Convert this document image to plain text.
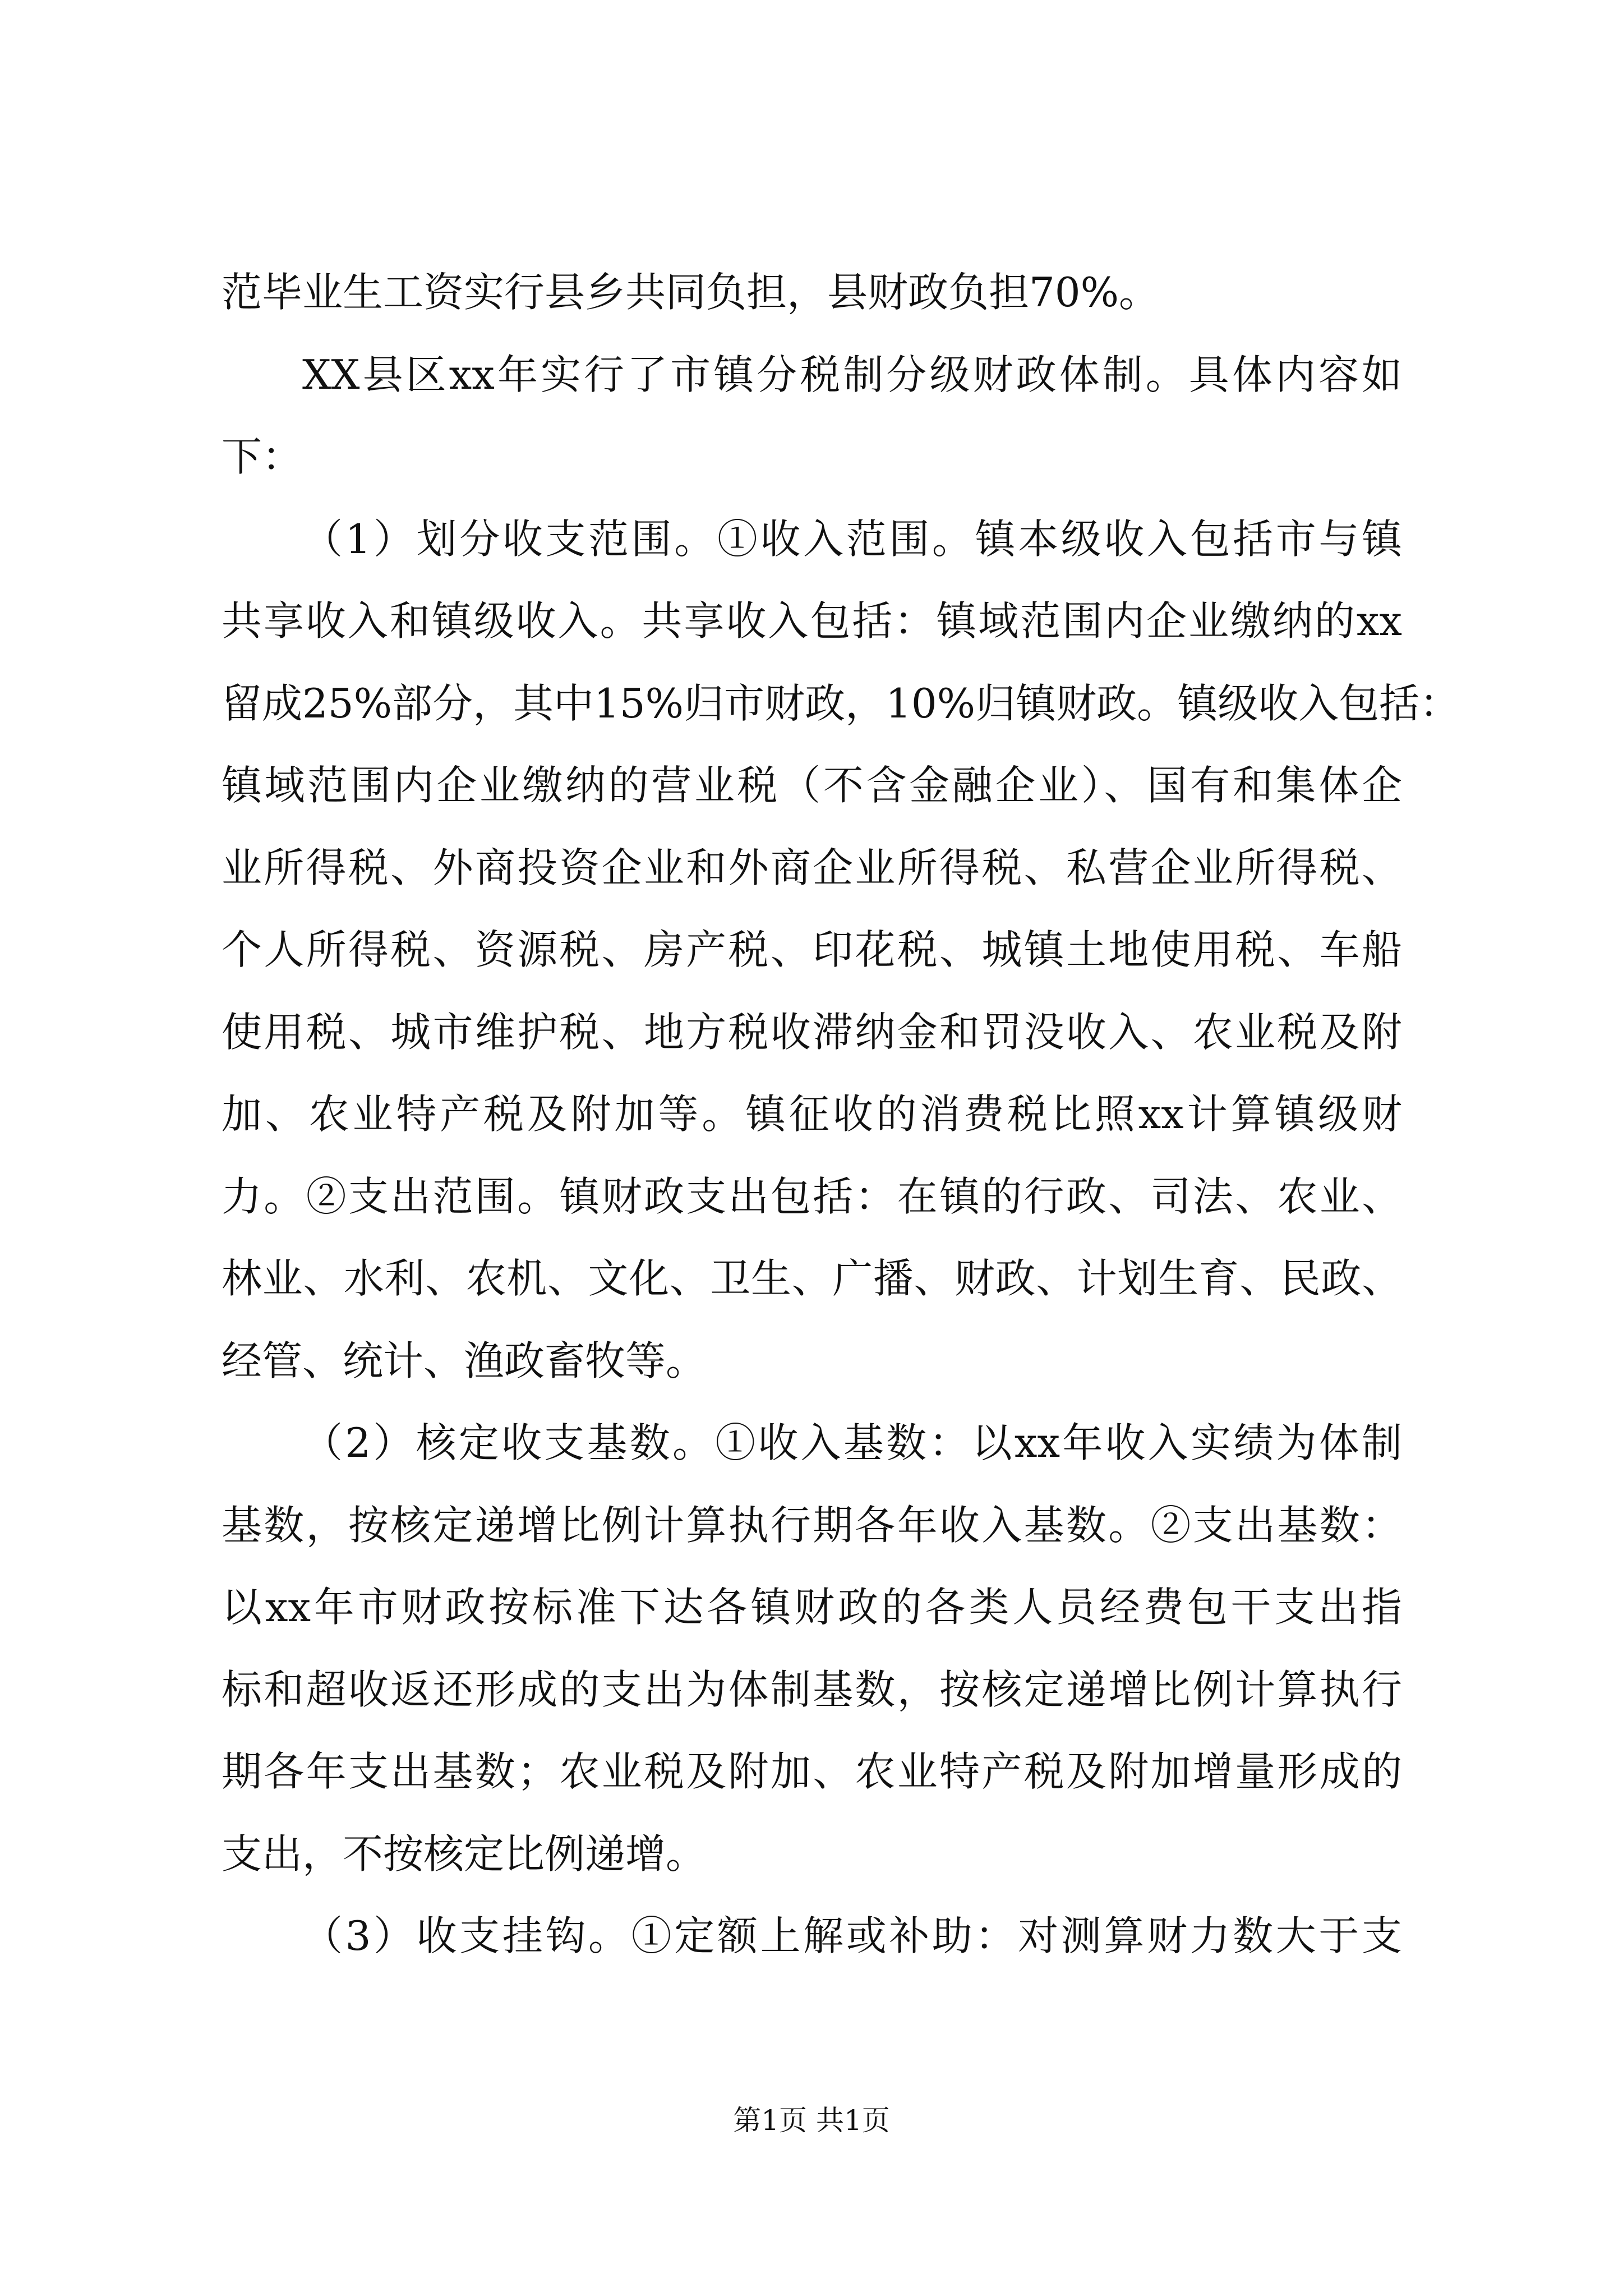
范毕业生工资实行县乡共同负担，县财政负担70%。
XX县区xx年实行了市镇分税制分级财政体制。具体内容如
下：
（1）划分收支范围。①收入范围。镇本级收入包括市与镇
共享收入和镇级收入。共享收入包括：镇域范围内企业缴纳的xx
留成25%部分，其中15%归市财政，10%归镇财政。镇级收入包括：
镇域范围内企业缴纳的营业税（不含金融企业）、国有和集体企
业所得税、外商投资企业和外商企业所得税、私营企业所得税、
个人所得税、资源税、房产税、印花税、城镇土地使用税、车船
使用税、城市维护税、地方税收滞纳金和罚没收入、农业税及附
加、农业特产税及附加等。镇征收的消费税比照xx计算镇级财
力。②支出范围。镇财政支出包括：在镇的行政、司法、农业、
林业、水利、农机、文化、卫生、广播、财政、计划生育、民政、
经管、统计、渔政畜牧等。
（2）核定收支基数。①收入基数：以xx年收入实绩为体制
基数，按核定递增比例计算执行期各年收入基数。②支出基数：
以xx年市财政按标准下达各镇财政的各类人员经费包干支出指
标和超收返还形成的支出为体制基数，按核定递增比例计算执行
期各年支出基数；农业税及附加、农业特产税及附加增量形成的
支出，不按核定比例递增。
（3）收支挂钩。①定额上解或补助：对测算财力数大于支
第1页 共1页
